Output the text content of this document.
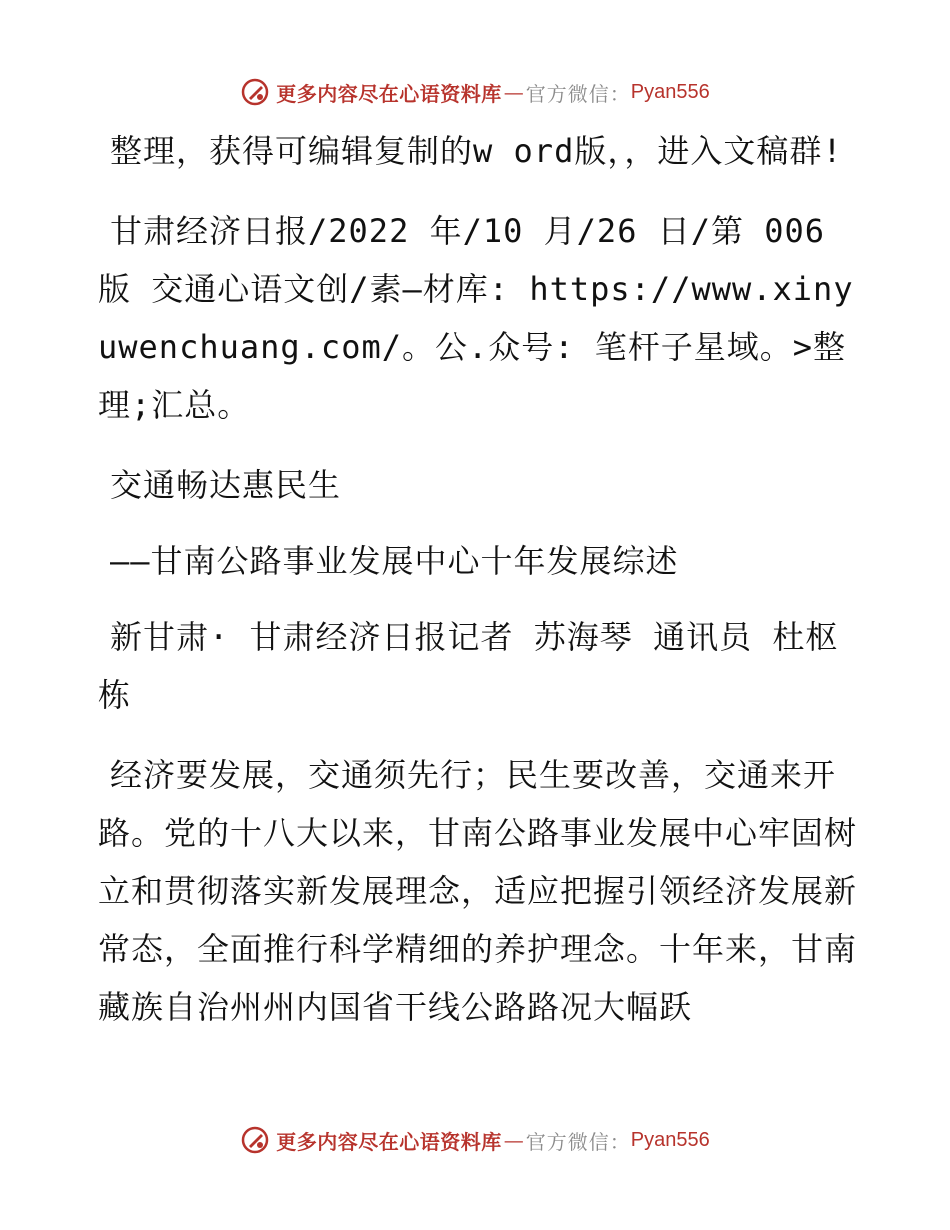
更多内容尽在心语资料库 — 官方微信： Pyan556

整理，获得可编辑复制的w ord版，，进入文稿群!

甘肃经济日报/2022 年/10 月/26 日/第 006 版 交通心语文创/素—材库: https://www.xinyuwenchuang.com/。公.众号: 笔杆子星域。>整理;汇总。

交通畅达惠民生

——甘南公路事业发展中心十年发展综述

新甘肃· 甘肃经济日报记者 苏海琴 通讯员 杜枢栋

经济要发展，交通须先行；民生要改善，交通来开路。党的十八大以来，甘南公路事业发展中心牢固树立和贯彻落实新发展理念，适应把握引领经济发展新常态，全面推行科学精细的养护理念。十年来，甘南藏族自治州州内国省干线公路路况大幅跃

更多内容尽在心语资料库 — 官方微信： Pyan556
